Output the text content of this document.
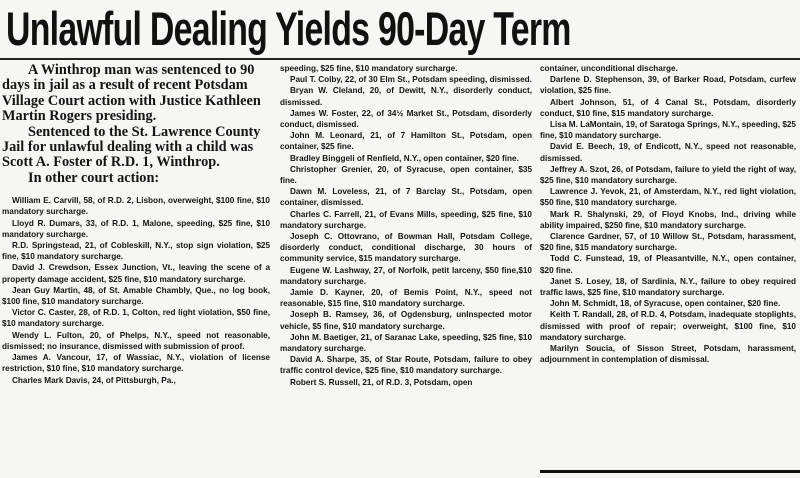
Unlawful Dealing Yields 90-Day Term

A Winthrop man was sentenced to 90 days in jail as a result of recent Potsdam Village Court action with Justice Kathleen Martin Rogers presiding.

Sentenced to the St. Lawrence County Jail for unlawful dealing with a child was Scott A. Foster of R.D. 1, Winthrop.

In other court action:

William E. Carvill, 58, of R.D. 2, Lisbon, overweight, $100 fine, $10 mandatory surcharge.

Lloyd R. Dumars, 33, of R.D. 1, Malone, speeding, $25 fine, $10 mandatory surcharge.

R.D. Springstead, 21, of Cobleskill, N.Y., stop sign violation, $25 fine, $10 mandatory surcharge.

David J. Crewdson, Essex Junction, Vt., leaving the scene of a property damage accident, $25 fine, $10 mandatory surcharge.

Jean Guy Martin, 48, of St. Amable Chambly, Que., no log book, $100 fine, $10 mandatory surcharge.

Victor C. Caster, 28, of R.D. 1, Colton, red light violation, $50 fine, $10 mandatory surcharge.

Wendy L. Fulton, 20, of Phelps, N.Y., speed not reasonable, dismissed; no insurance, dismissed with submission of proof.

James A. Vancour, 17, of Wassiac, N.Y., violation of license restriction, $10 fine, $10 mandatory surcharge.

Charles Mark Davis, 24, of Pittsburgh, Pa.,

speeding, $25 fine, $10 mandatory surcharge.

Paul T. Colby, 22, of 30 Elm St., Potsdam speeding, dismissed.

Bryan W. Cleland, 20, of Dewitt, N.Y., disorderly conduct, dismissed.

James W. Foster, 22, of 34½ Market St., Potsdam, disorderly conduct, dismissed.

John M. Leonard, 21, of 7 Hamilton St., Potsdam, open container, $25 fine.

Bradley Binggeli of Renfield, N.Y., open container, $20 fine.

Christopher Grenier, 20, of Syracuse, open container, $35 fine.

Dawn M. Loveless, 21, of 7 Barclay St., Potsdam, open container, dismissed.

Charles C. Farrell, 21, of Evans Mills, speeding, $25 fine, $10 mandatory surcharge.

Joseph C. Ottovrano, of Bowman Hall, Potsdam College, disorderly conduct, conditional discharge, 30 hours of community service, $15 mandatory surcharge.

Eugene W. Lashway, 27, of Norfolk, petit larceny, $50 fine,$10 mandatory surcharge.

Jamie D. Kayner, 20, of Bemis Point, N.Y., speed not reasonable, $15 fine, $10 mandatory surcharge.

Joseph B. Ramsey, 36, of Ogdensburg, unInspected motor vehicle, $5 fine, $10 mandatory surcharge.

John M. Baetiger, 21, of Saranac Lake, speeding, $25 fine, $10 mandatory surcharge.

David A. Sharpe, 35, of Star Route, Potsdam, failure to obey traffic control device, $25 fine, $10 mandatory surcharge.

Robert S. Russell, 21, of R.D. 3, Potsdam, open

container, unconditional discharge.

Darlene D. Stephenson, 39, of Barker Road, Potsdam, curfew violation, $25 fine.

Albert Johnson, 51, of 4 Canal St., Potsdam, disorderly conduct, $10 fine, $15 mandatory surcharge.

Lisa M. LaMontain, 19, of Saratoga Springs, N.Y., speeding, $25 fine, $10 mandatory surcharge.

David E. Beech, 19, of Endicott, N.Y., speed not reasonable, dismissed.

Jeffrey A. Szot, 26, of Potsdam, failure to yield the right of way, $25 fine, $10 mandatory surcharge.

Lawrence J. Yevok, 21, of Amsterdam, N.Y., red light violation, $50 fine, $10 mandatory surcharge.

Mark R. Shalynski, 29, of Floyd Knobs, Ind., driving while ability impaired, $250 fine, $10 mandatory surcharge.

Clarence Gardner, 57, of 10 Willow St., Potsdam, harassment, $20 fine, $15 mandatory surcharge.

Todd C. Funstead, 19, of Pleasantville, N.Y., open container, $20 fine.

Janet S. Losey, 18, of Sardinia, N.Y., failure to obey required traffic laws, $25 fine, $10 mandatory surcharge.

John M. Schmidt, 18, of Syracuse, open container, $20 fine.

Keith T. Randall, 28, of R.D. 4, Potsdam, inadequate stoplights, dismissed with proof of repair; overweight, $100 fine, $10 mandatory surcharge.

Marilyn Soucia, of Sisson Street, Potsdam, harassment, adjournment in contemplation of dismissal.
